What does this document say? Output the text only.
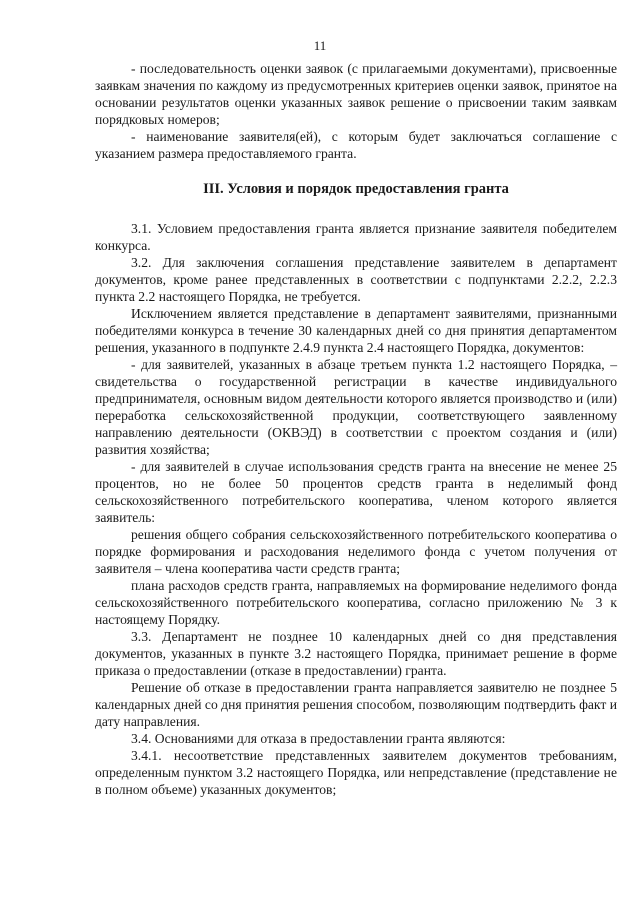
11

- последовательность оценки заявок (с прилагаемыми документами), присвоенные заявкам значения по каждому из предусмотренных критериев оценки заявок, принятое на основании результатов оценки указанных заявок решение о присвоении таким заявкам порядковых номеров;

- наименование заявителя(ей), с которым будет заключаться соглашение с указанием размера предоставляемого гранта.

III. Условия и порядок предоставления гранта

3.1. Условием предоставления гранта является признание заявителя победителем конкурса.

3.2. Для заключения соглашения представление заявителем в департамент документов, кроме ранее представленных в соответствии с подпунктами 2.2.2, 2.2.3 пункта 2.2 настоящего Порядка, не требуется.

Исключением является представление в департамент заявителями, признанными победителями конкурса в течение 30 календарных дней со дня принятия департаментом решения, указанного в подпункте 2.4.9 пункта 2.4 настоящего Порядка, документов:

- для заявителей, указанных в абзаце третьем пункта 1.2 настоящего Порядка, – свидетельства о государственной регистрации в качестве индивидуального предпринимателя, основным видом деятельности которого является производство и (или) переработка сельскохозяйственной продукции, соответствующего заявленному направлению деятельности (ОКВЭД) в соответствии с проектом создания и (или) развития хозяйства;

- для заявителей в случае использования средств гранта на внесение не менее 25 процентов, но не более 50 процентов средств гранта в неделимый фонд сельскохозяйственного потребительского кооператива, членом которого является заявитель:

решения общего собрания сельскохозяйственного потребительского кооператива о порядке формирования и расходования неделимого фонда с учетом получения от заявителя – члена кооператива части средств гранта;

плана расходов средств гранта, направляемых на формирование неделимого фонда сельскохозяйственного потребительского кооператива, согласно приложению № 3 к настоящему Порядку.

3.3. Департамент не позднее 10 календарных дней со дня представления документов, указанных в пункте 3.2 настоящего Порядка, принимает решение в форме приказа о предоставлении (отказе в предоставлении) гранта.

Решение об отказе в предоставлении гранта направляется заявителю не позднее 5 календарных дней со дня принятия решения способом, позволяющим подтвердить факт и дату направления.

3.4. Основаниями для отказа в предоставлении гранта являются:

3.4.1. несоответствие представленных заявителем документов требованиям, определенным пунктом 3.2 настоящего Порядка, или непредставление (представление не в полном объеме) указанных документов;
